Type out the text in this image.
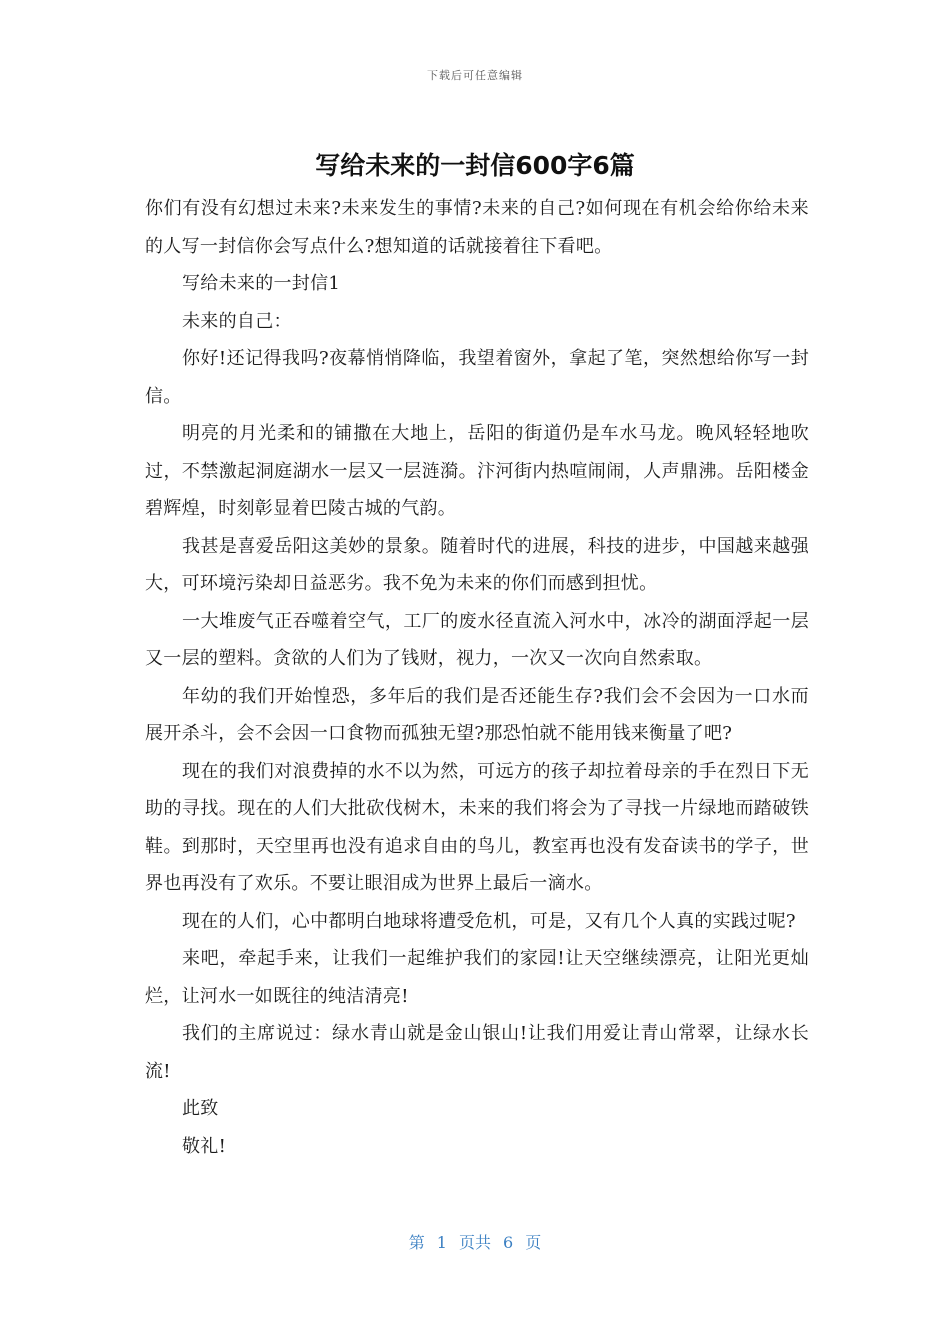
下载后可任意编辑
写给未来的一封信600字6篇

你们有没有幻想过未来?未来发生的事情?未来的自己?如何现在有机会给你给未来的人写一封信你会写点什么?想知道的话就接着往下看吧。

写给未来的一封信1

未来的自己：

你好!还记得我吗?夜幕悄悄降临，我望着窗外，拿起了笔，突然想给你写一封信。

明亮的月光柔和的铺撒在大地上，岳阳的街道仍是车水马龙。晚风轻轻地吹过，不禁激起洞庭湖水一层又一层涟漪。汴河街内热喧闹闹，人声鼎沸。岳阳楼金碧辉煌，时刻彰显着巴陵古城的气韵。

我甚是喜爱岳阳这美妙的景象。随着时代的进展，科技的进步，中国越来越强大，可环境污染却日益恶劣。我不免为未来的你们而感到担忧。

一大堆废气正吞噬着空气，工厂的废水径直流入河水中，冰冷的湖面浮起一层又一层的塑料。贪欲的人们为了钱财，视力，一次又一次向自然索取。

年幼的我们开始惶恐，多年后的我们是否还能生存?我们会不会因为一口水而展开杀斗，会不会因一口食物而孤独无望?那恐怕就不能用钱来衡量了吧?

现在的我们对浪费掉的水不以为然，可远方的孩子却拉着母亲的手在烈日下无助的寻找。现在的人们大批砍伐树木，未来的我们将会为了寻找一片绿地而踏破铁鞋。到那时，天空里再也没有追求自由的鸟儿，教室再也没有发奋读书的学子，世界也再没有了欢乐。不要让眼泪成为世界上最后一滴水。

现在的人们，心中都明白地球将遭受危机，可是，又有几个人真的实践过呢?

来吧，牵起手来，让我们一起维护我们的家园!让天空继续漂亮，让阳光更灿烂，让河水一如既往的纯洁清亮!

我们的主席说过：绿水青山就是金山银山!让我们用爱让青山常翠，让绿水长流!

此致

敬礼!

第 1 页共 6 页
